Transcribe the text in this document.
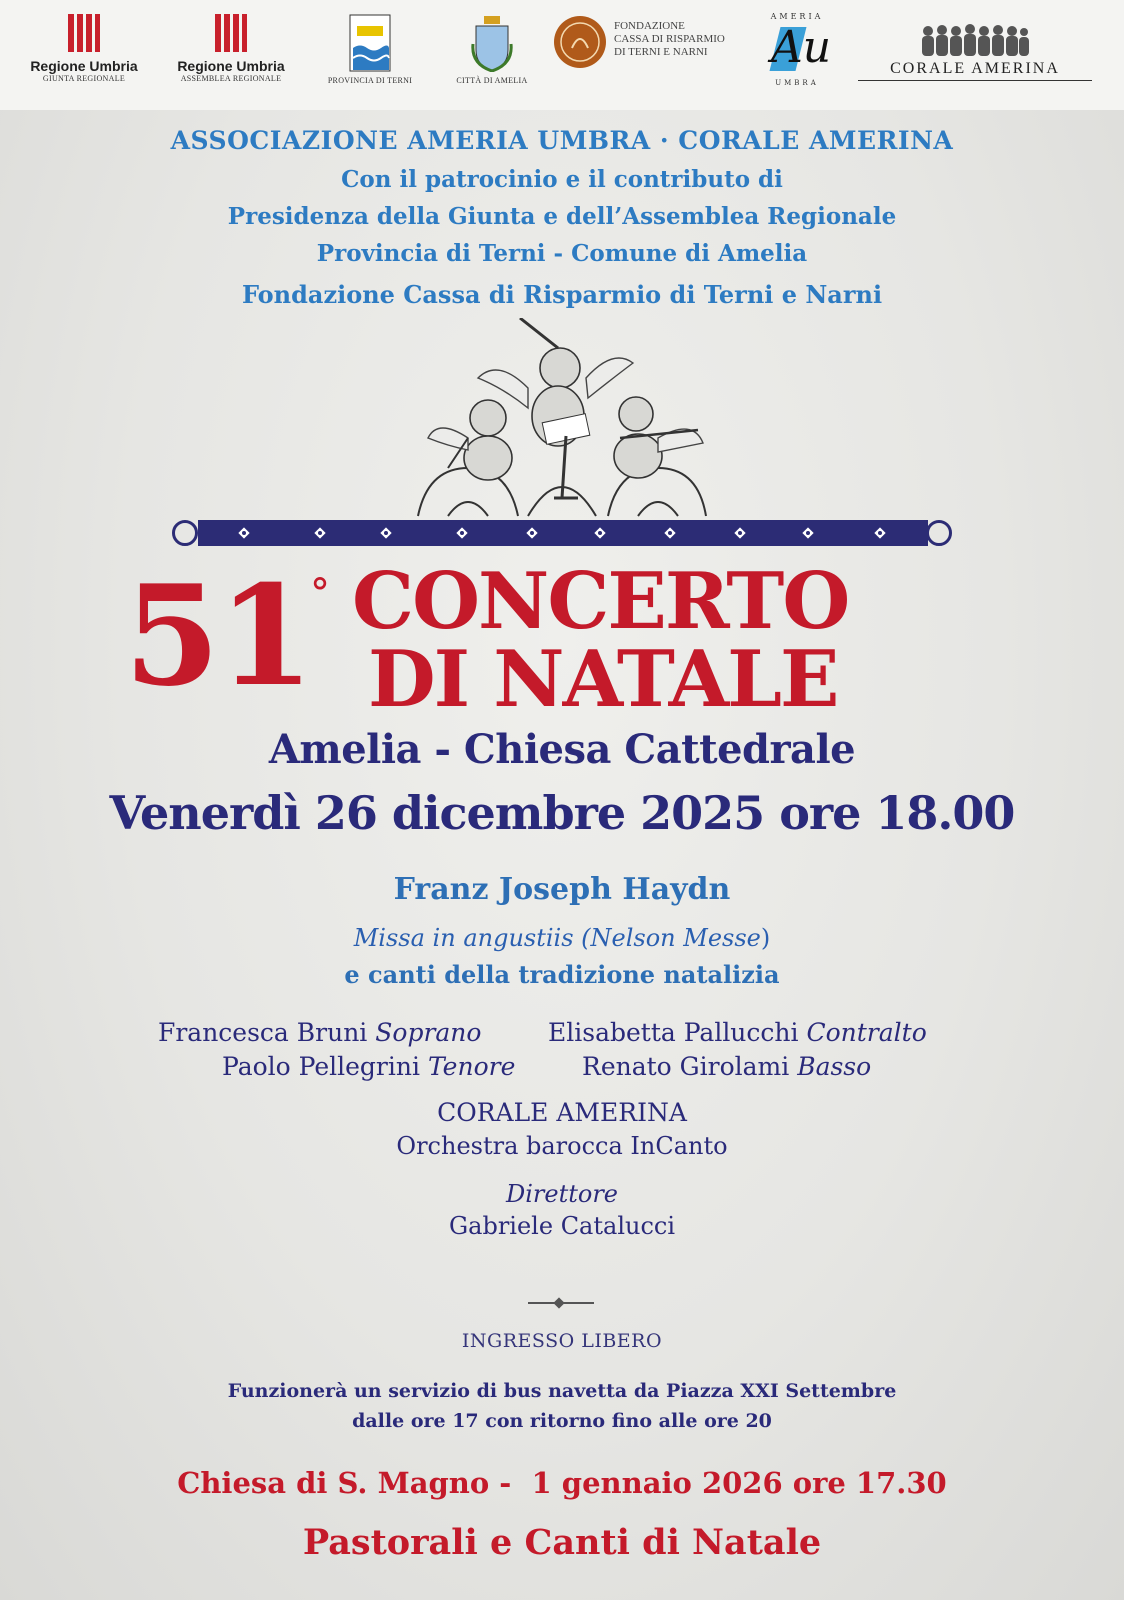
Regione Umbria
GIUNTA REGIONALE
Regione Umbria
ASSEMBLEA REGIONALE	PROVINCIA DI TERNI	CITTÀ DI AMELIA
FONDAZIONE
CASSA DI RISPARMIO
DI TERNI E NARNI
AMERIA
Au
UMBRA
CORALE AMERINA
ASSOCIAZIONE AMERIA UMBRA · CORALE AMERINA
Con il patrocinio e il contributo di
Presidenza della Giunta e dell’Assemblea Regionale
Provincia di Terni - Comune di Amelia
Fondazione Cassa di Risparmio di Terni e Narni
51
° CONCERTO
DI NATALE
Amelia - Chiesa Cattedrale
Venerdì 26 dicembre 2025 ore 18.00
Franz Joseph Haydn
Missa in angustiis (Nelson Messe)
e canti della tradizione natalizia
Francesca Bruni Soprano	Elisabetta Pallucchi Contralto
Paolo Pellegrini Tenore	Renato Girolami Basso
CORALE AMERINA
Orchestra barocca InCanto
Direttore
Gabriele Catalucci
INGRESSO LIBERO
Funzionerà un servizio di bus navetta da Piazza XXI Settembre
dalle ore 17 con ritorno fino alle ore 20
Chiesa di S. Magno -  1 gennaio 2026 ore 17.30
Pastorali e Canti di Natale
